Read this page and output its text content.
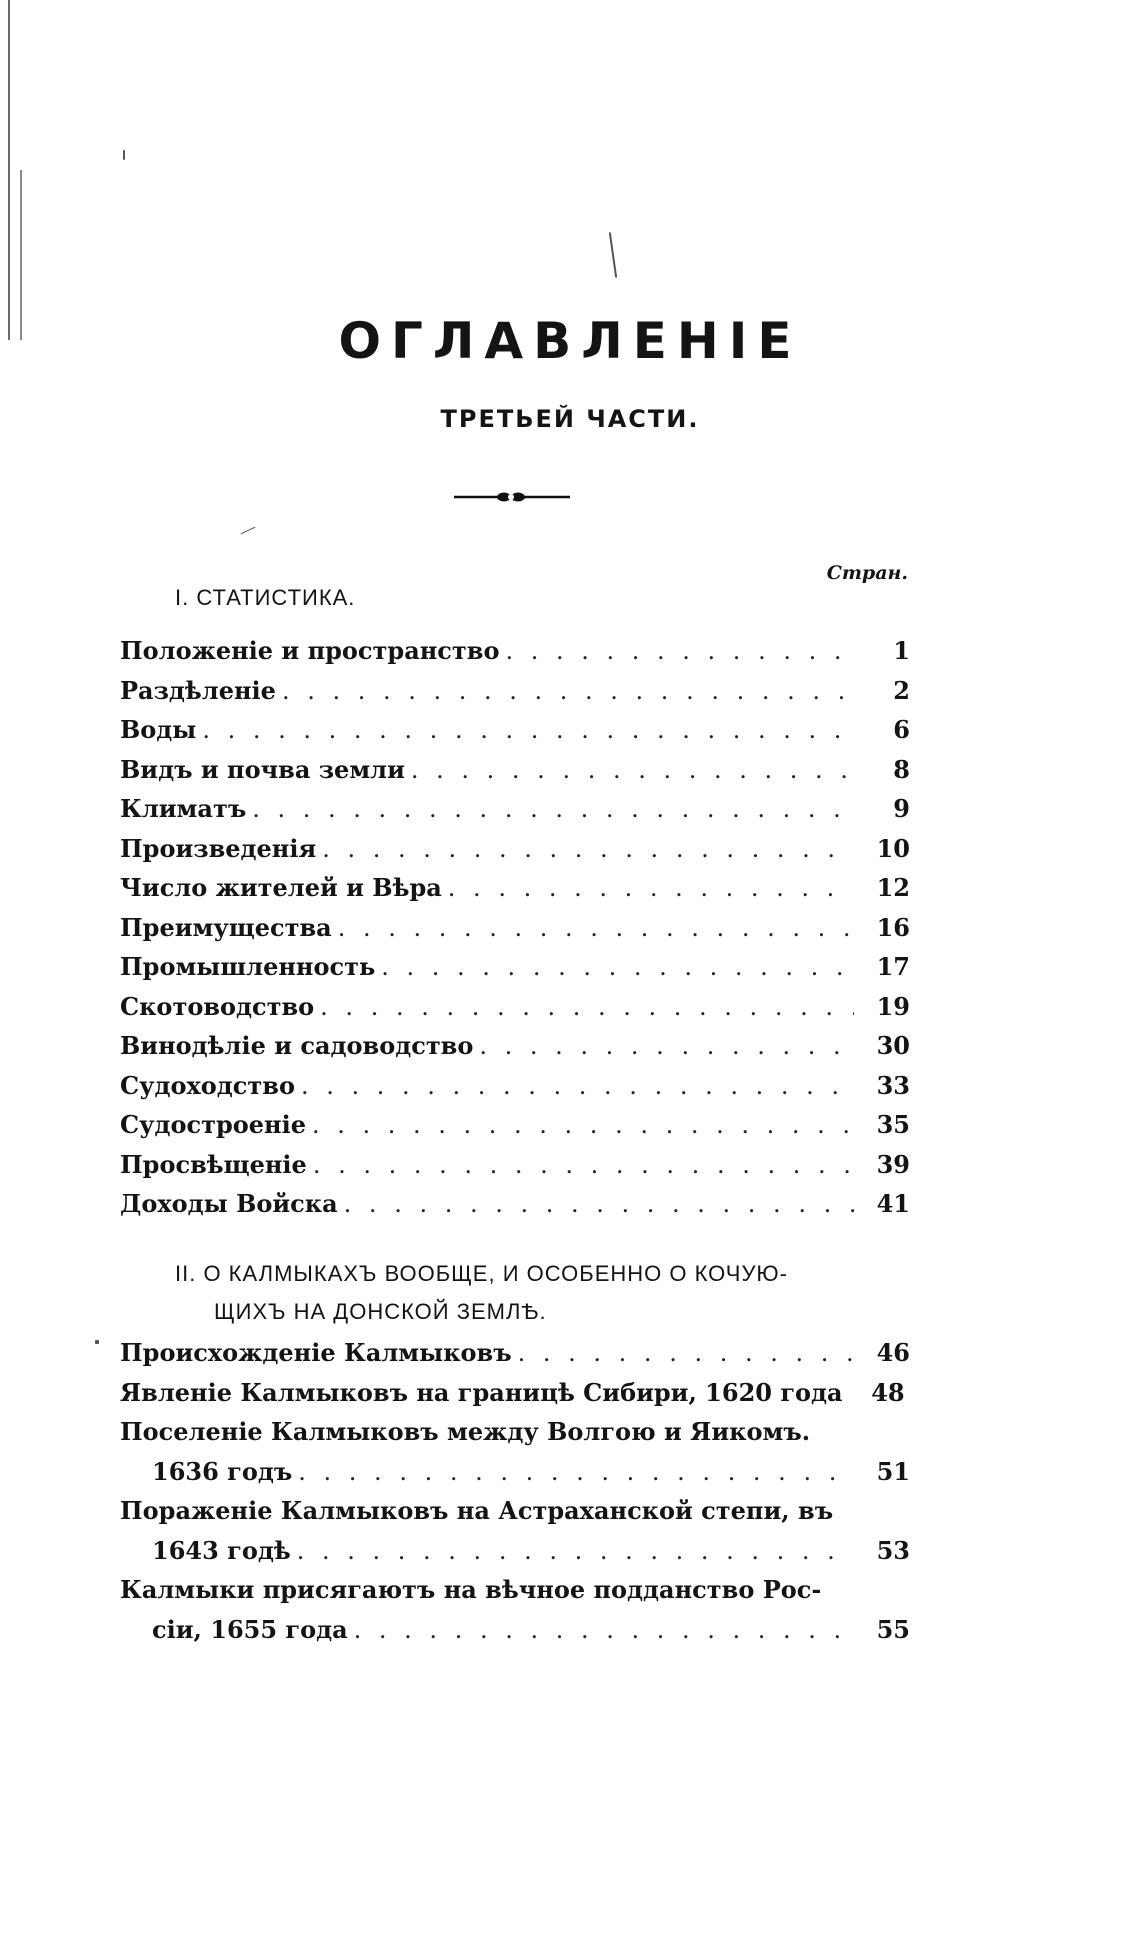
ОГЛАВЛЕНІЕ
ТРЕТЬЕЙ ЧАСТИ.
Стран.
I. СТАТИСТИКА.
Положеніе и пространство . . .	1
Раздѣленіе . . .	2
Воды . . .	6
Видъ и почва земли . . .	8
Климатъ . . .	9
Произведенія . . .	10
Число жителей и Вѣра . . .	12
Преимущества . . .	16
Промышленность . . .	17
Скотоводство . . .	19
Винодѣліе и садоводство . . .	30
Судоходство . . .	33
Судостроеніе . . .	35
Просвѣщеніе . . .	39
Доходы Войска . . .	41
II. О КАЛМЫКАХЪ ВООБЩЕ, И ОСОБЕННО О КОЧУЮ-
ЩИХЪ НА ДОНСКОЙ ЗЕМЛѢ.
Происхожденіе Калмыковъ . . .	46
Явленіе Калмыковъ на границѣ Сибири, 1620 года	48
Поселеніе Калмыковъ между Волгою и Яикомъ.
1636 годъ . . .	51
Пораженіе Калмыковъ на Астраханской степи, въ
1643 годѣ . . .	53
Калмыки присягаютъ на вѣчное подданство Рос-
сіи, 1655 года . . .	55
